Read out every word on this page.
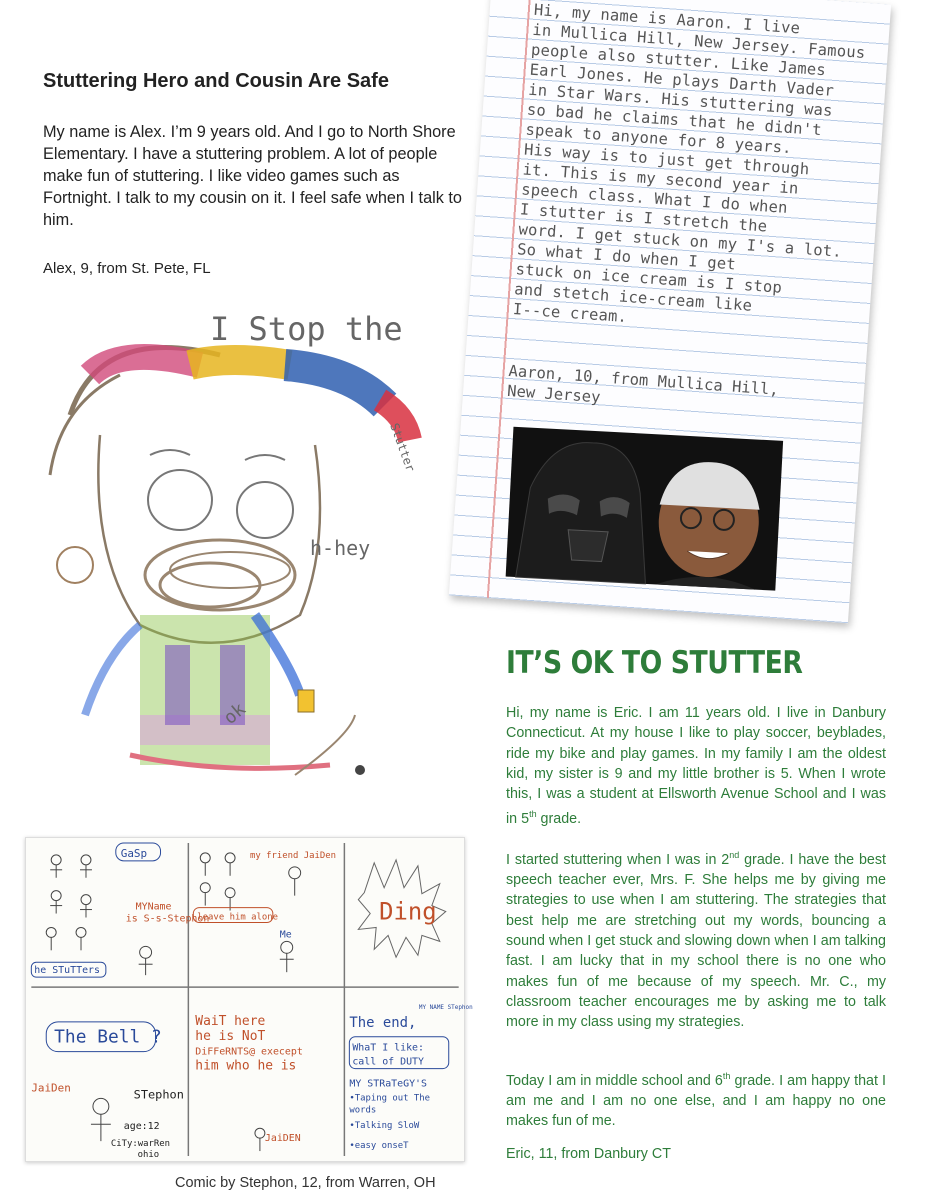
Stuttering Hero and Cousin Are Safe

My name is Alex. I’m 9 years old. And I go to North Shore Elementary. I have a stuttering problem. A lot of people make fun of stuttering. I like video games such as Fortnight. I talk to my cousin on it. I feel safe when I talk to him.

Alex, 9, from St. Pete, FL

I Stop the
Stutter
h-hey
ok
Hi, my name is Aaron. I live
in Mullica Hill, New Jersey. Famous
people also stutter. Like James
Earl Jones. He plays Darth Vader
in Star Wars. His stuttering was
so bad he claims that he didn't
speak to anyone for 8 years.
His way is to just get through
it. This is my second year in
speech class. What I do when
I stutter is I stretch the
word. I get stuck on my I's a lot.
So what I do when I get
stuck on ice cream is I stop
and stetch ice-cream like
I--ce cream.
Aaron, 10, from Mullica Hill,
New Jersey
IT’S OK TO STUTTER

Hi, my name is Eric. I am 11 years old. I live in Danbury Connecticut. At my house I like to play soccer, beyblades, ride my bike and play games. In my family I am the oldest kid, my sister is 9 and my little brother is 5. When I wrote this, I was a student at Ellsworth Avenue School and I was in 5th grade.

I started stuttering when I was in 2nd grade. I have the best speech teacher ever, Mrs. F. She helps me by giving me strategies to use when I am stuttering. The strategies that best help me are stretching out my words, bouncing a sound when I get stuck and slowing down when I am talking fast. I am lucky that in my school there is no one who makes fun of me because of my speech. Mr. C., my classroom teacher encourages me by asking me to talk more in my class using my strategies.

Today I am in middle school and 6th grade. I am happy that I am me and I am no one else, and I am happy no one makes fun of me.

Eric, 11, from Danbury CT

GaSp
MYName
is S-s-Stephon
he STuTTers
my friend JaiDen
leave him alone
Me
Ding
The Bell ?
WaiT here
he is NoT
DiFFeRNTS@ execept
him who he is
JaiDen
JaiDEN
STephon
age:12
CiTy:warRen
ohio
The end,
MY NAME STephon
WhaT I like:
call of DUTY
MY STRaTeGY'S
•Taping out The
words
•Talking SloW
•easy onseT

Comic by Stephon, 12, from Warren, OH
